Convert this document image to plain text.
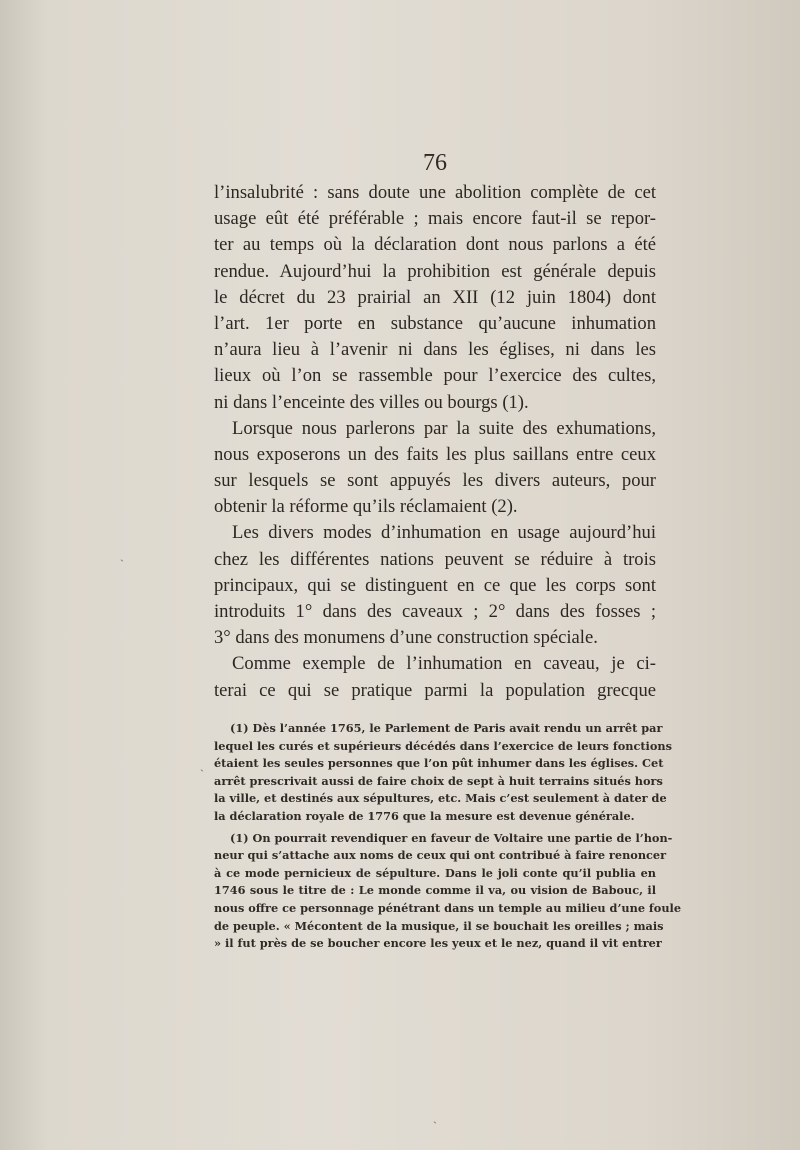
76
l’insalubrité : sans doute une abolition complète de cet
usage eût été préférable ; mais encore faut-il se repor-
ter au temps où la déclaration dont nous parlons a été
rendue. Aujourd’hui la prohibition est générale depuis
le décret du 23 prairial an XII (12 juin 1804) dont
l’art. 1er porte en substance qu’aucune inhumation
n’aura lieu à l’avenir ni dans les églises, ni dans les
lieux où l’on se rassemble pour l’exercice des cultes,
ni dans l’enceinte des villes ou bourgs (1).
Lorsque nous parlerons par la suite des exhumations,
nous exposerons un des faits les plus saillans entre ceux
sur lesquels se sont appuyés les divers auteurs, pour
obtenir la réforme qu’ils réclamaient (2).
Les divers modes d’inhumation en usage aujourd’hui
chez les différentes nations peuvent se réduire à trois
principaux, qui se distinguent en ce que les corps sont
introduits 1° dans des caveaux ; 2° dans des fosses ;
3° dans des monumens d’une construction spéciale.
Comme exemple de l’inhumation en caveau, je ci-
terai ce qui se pratique parmi la population grecque
(1) Dès l’année 1765, le Parlement de Paris avait rendu un arrêt par
lequel les curés et supérieurs décédés dans l’exercice de leurs fonctions
étaient les seules personnes que l’on pût inhumer dans les églises. Cet
arrêt prescrivait aussi de faire choix de sept à huit terrains situés hors
la ville, et destinés aux sépultures, etc. Mais c’est seulement à dater de
la déclaration royale de 1776 que la mesure est devenue générale.
(1) On pourrait revendiquer en faveur de Voltaire une partie de l’hon-
neur qui s’attache aux noms de ceux qui ont contribué à faire renoncer
à ce mode pernicieux de sépulture. Dans le joli conte qu’il publia en
1746 sous le titre de : Le monde comme il va, ou vision de Babouc, il
nous offre ce personnage pénétrant dans un temple au milieu d’une foule
de peuple. « Mécontent de la musique, il se bouchait les oreilles ; mais
» il fut près de se boucher encore les yeux et le nez, quand il vit entrer
ˏ
ˏ
ˏ
